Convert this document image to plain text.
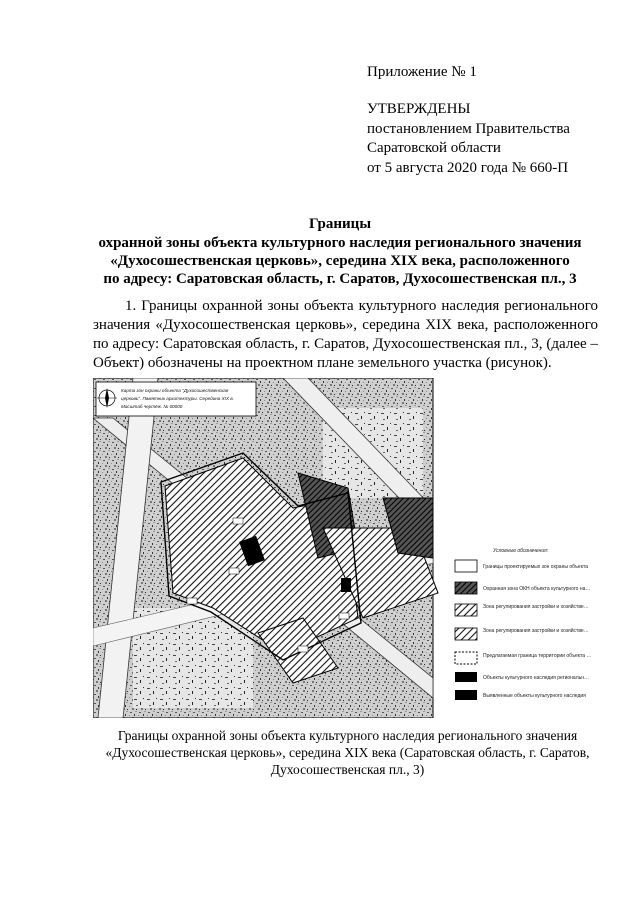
Приложение № 1
УТВЕРЖДЕНЫ
постановлением Правительства
Саратовской области
от 5 августа 2020 года № 660-П
Границы
охранной зоны объекта культурного наследия регионального значения
«Духосошественская церковь», середина XIX века, расположенного
по адресу: Саратовская область, г. Саратов, Духосошественская пл., 3
1. Границы охранной зоны объекта культурного наследия регионального значения «Духосошественская церковь», середина XIX века, расположенного по адресу: Саратовская область, г. Саратов, Духосошественская пл., 3, (далее – Объект) обозначены на проектном плане земельного участка (рисунок).
Карта зон охраны объекта "Духосошественская
церковь". Памятник архитектуры. Середина XIX в.
Масштаб чертёж. № 00000
Условные обозначения:
Границы проектируемых зон охраны объекта
Охранная зона ОКН объекта культурного на…
Зона регулирования застройки и хозяйстве…
Зона регулирования застройки и хозяйстве…
Предлагаемая граница территории объекта …
Объекты культурного наследия региональн…
Выявленные объекты культурного наследия
Границы охранной зоны объекта культурного наследия регионального значения
«Духосошественская церковь», середина XIX века (Саратовская область, г. Саратов,
Духосошественская пл., 3)
